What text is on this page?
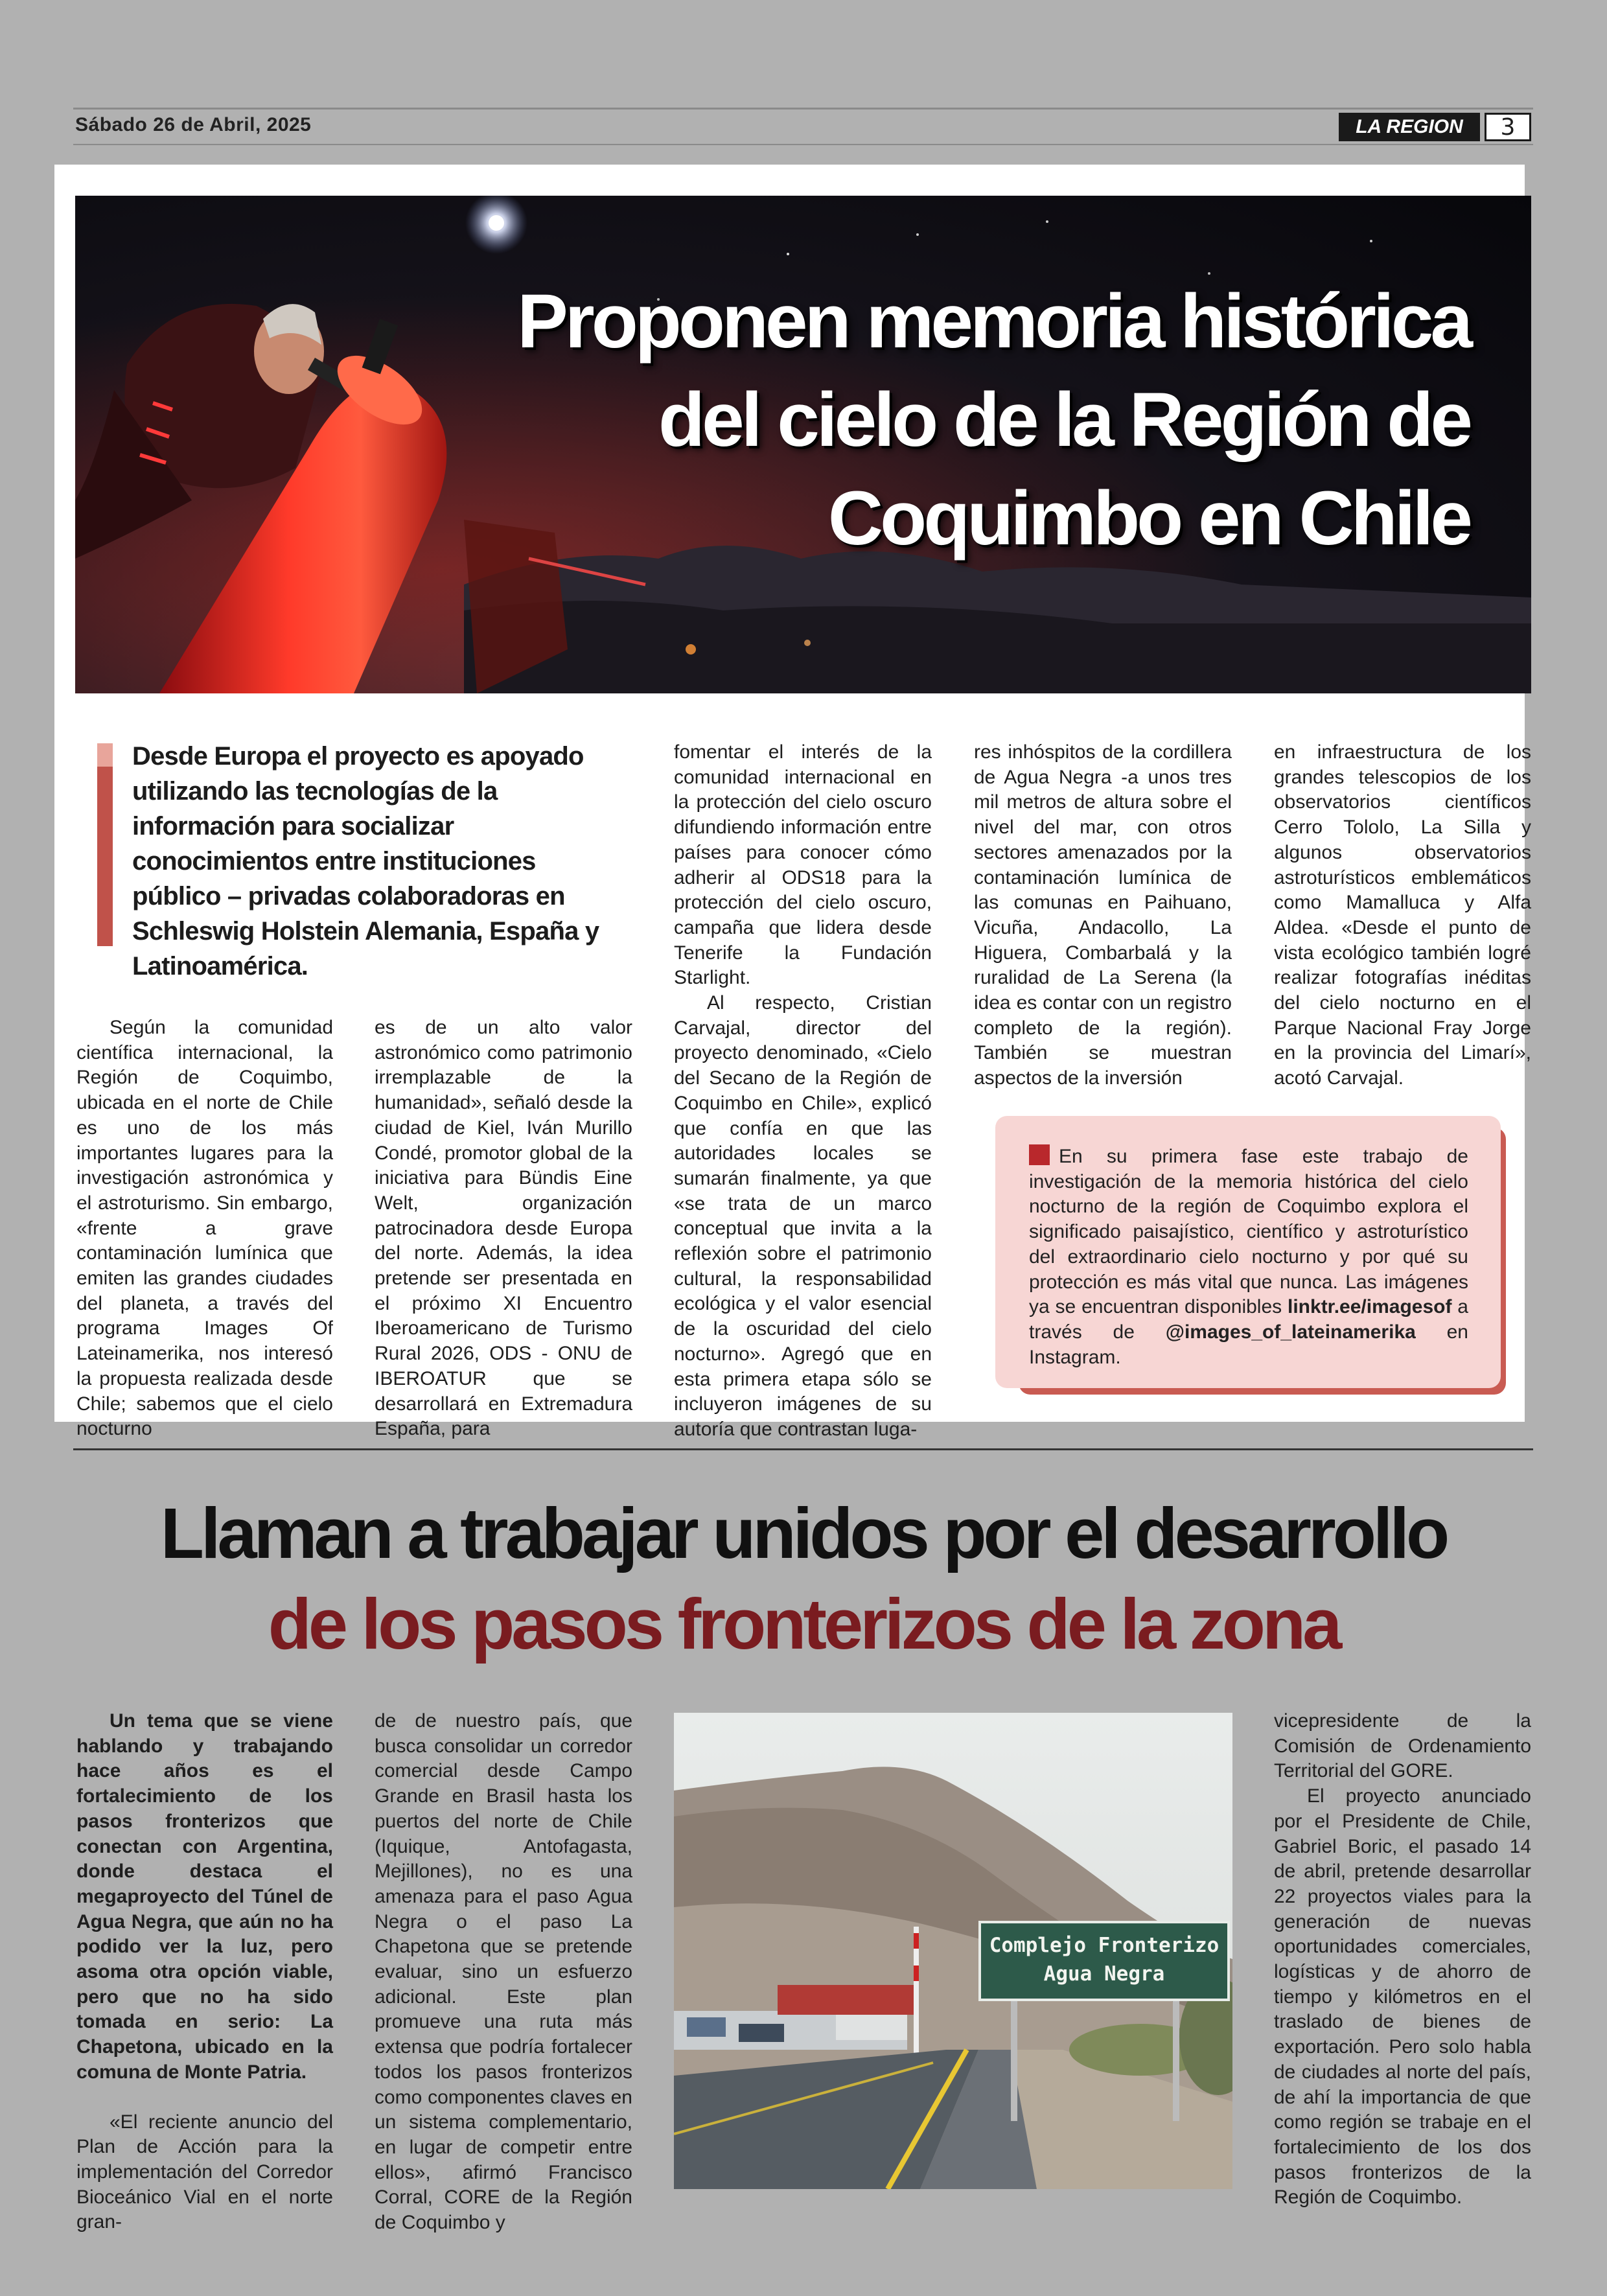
Sábado 26 de Abril, 2025	LA REGION	3
Proponen memoria histórica
del cielo de la Región de
Coquimbo en Chile
Desde Europa el proyecto es apoyado utilizando las tecnologías de la información para socializar conocimientos entre instituciones público – privadas colaboradoras en Schleswig Holstein Alemania, España y Latinoamérica.

Según la comunidad científica internacional, la Región de Coquimbo, ubicada en el norte de Chile es uno de los más importantes lugares para la investigación astronómica y el astroturismo. Sin embargo, «frente a grave contaminación lumínica que emiten las grandes ciudades del planeta, a través del programa Images Of Lateinamerika, nos interesó la propuesta realizada desde Chile; sabemos que el cielo nocturno

es de un alto valor astronómico como patrimonio irremplazable de la humanidad», señaló desde la ciudad de Kiel, Iván Murillo Condé, promotor global de la iniciativa para Bündis Eine Welt, organización patrocinadora desde Europa del norte. Además, la idea pretende ser presentada en el próximo XI Encuentro Iberoamericano de Turismo Rural 2026, ODS - ONU de IBEROATUR que se desarrollará en Extremadura España, para

fomentar el interés de la comunidad internacional en la protección del cielo oscuro difundiendo información entre países para conocer cómo adherir al ODS18 para la protección del cielo oscuro, campaña que lidera desde Tenerife la Fundación Starlight.

Al respecto, Cristian Carvajal, director del proyecto denominado, «Cielo del Secano de la Región de Coquimbo en Chile», explicó que confía en que las autoridades locales se sumarán finalmente, ya que «se trata de un marco conceptual que invita a la reflexión sobre el patrimonio cultural, la responsabilidad ecológica y el valor esencial de la oscuridad del cielo nocturno». Agregó que en esta primera etapa sólo se incluyeron imágenes de su autoría que contrastan luga-

res inhóspitos de la cordillera de Agua Negra -a unos tres mil metros de altura sobre el nivel del mar, con otros sectores amenazados por la contaminación lumínica de las comunas en Paihuano, Vicuña, Andacollo, La Higuera, Combarbalá y la ruralidad de La Serena (la idea es contar con un registro completo de la región). También se muestran aspectos de la inversión

en infraestructura de los grandes telescopios de los observatorios científicos Cerro Tololo, La Silla y algunos observatorios astroturísticos emblemáticos como Mamalluca y Alfa Aldea. «Desde el punto de vista ecológico también logré realizar fotografías inéditas del cielo nocturno en el Parque Nacional Fray Jorge en la provincia del Limarí», acotó Carvajal.

En su primera fase este trabajo de investigación de la memoria histórica del cielo nocturno de la región de Coquimbo explora el significado paisajístico, científico y astroturístico del extraordinario cielo nocturno y por qué su protección es más vital que nunca. Las imágenes ya se encuentran disponibles linktr.ee/imagesof a través de @images_of_lateinamerika en Instagram.
Llaman a trabajar unidos por el desarrollo
de los pasos fronterizos de la zona

Un tema que se viene hablando y trabajando hace años es el fortalecimiento de los pasos fronterizos que conectan con Argentina, donde destaca el megaproyecto del Túnel de Agua Negra, que aún no ha podido ver la luz, pero asoma otra opción viable, pero que no ha sido tomada en serio: La Chapetona, ubicado en la comuna de Monte Patria.

«El reciente anuncio del Plan de Acción para la implementación del Corredor Bioceánico Vial en el norte gran-

de de nuestro país, que busca consolidar un corredor comercial desde Campo Grande en Brasil hasta los puertos del norte de Chile (Iquique, Antofagasta, Mejillones), no es una amenaza para el paso Agua Negra o el paso La Chapetona que se pretende evaluar, sino un esfuerzo adicional. Este plan promueve una ruta más extensa que podría fortalecer todos los pasos fronterizos como componentes claves en un sistema complementario, en lugar de competir entre ellos», afirmó Francisco Corral, CORE de la Región de Coquimbo y

vicepresidente de la Comisión de Ordenamiento Territorial del GORE.

El proyecto anunciado por el Presidente de Chile, Gabriel Boric, el pasado 14 de abril, pretende desarrollar 22 proyectos viales para la generación de nuevas oportunidades comerciales, logísticas y de ahorro de tiempo y kilómetros en el traslado de bienes de exportación. Pero solo habla de ciudades al norte del país, de ahí la importancia de que como región se trabaje en el fortalecimiento de los dos pasos fronterizos de la Región de Coquimbo.

Complejo Fronterizo
Agua Negra
